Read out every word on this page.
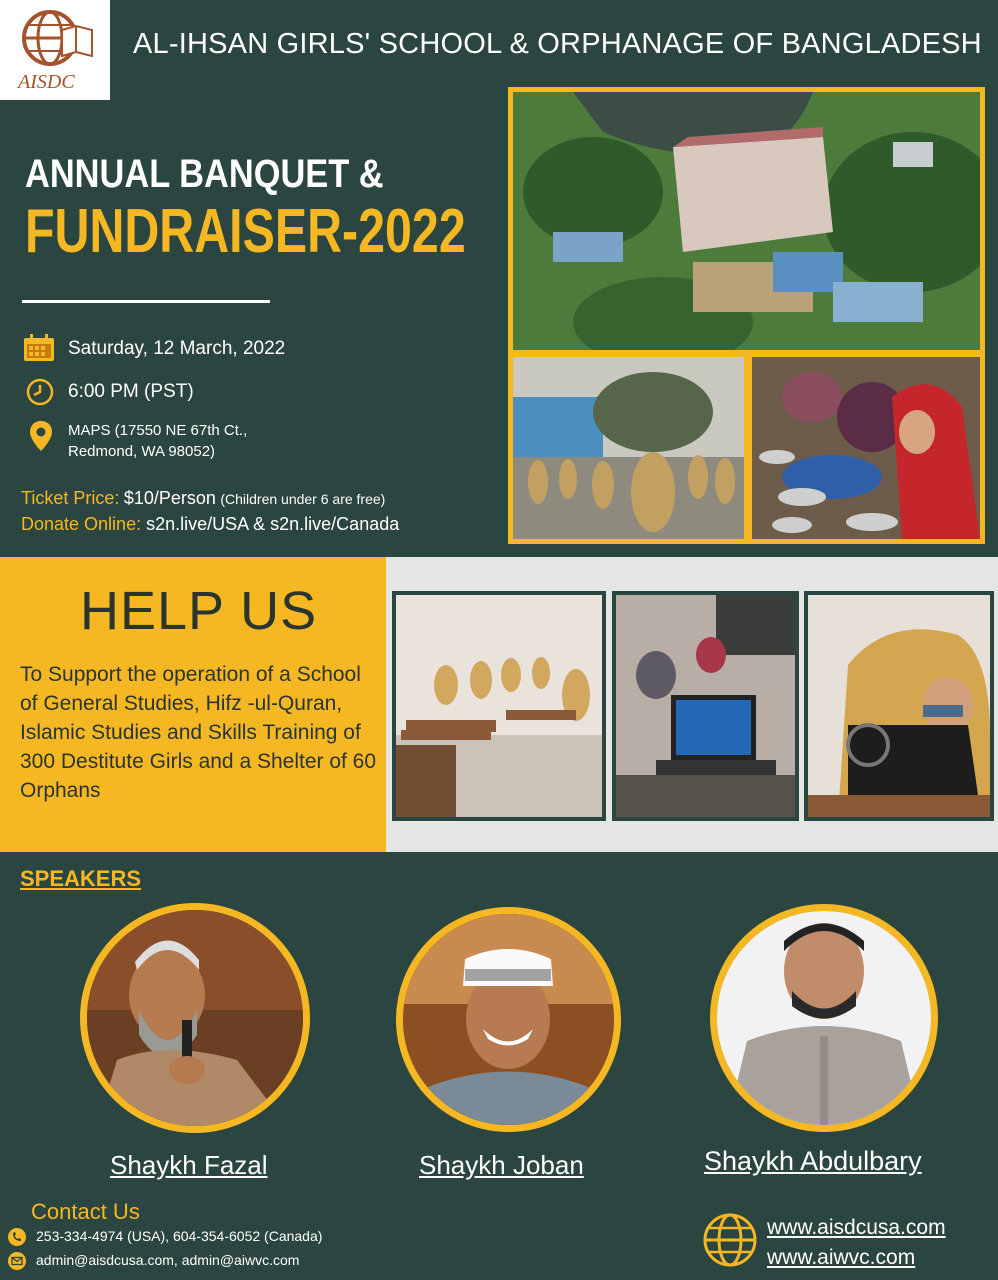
AISDC
AL-IHSAN GIRLS' SCHOOL & ORPHANAGE OF BANGLADESH
ANNUAL BANQUET &
FUNDRAISER-2022
Saturday, 12 March, 2022
6:00 PM (PST)
MAPS (17550 NE 67th Ct.,
Redmond, WA 98052)
Ticket Price: $10/Person (Children under 6 are free)
Donate Online: s2n.live/USA & s2n.live/Canada
HELP US
To Support the operation of a School of General Studies, Hifz -ul-Quran, Islamic Studies and Skills Training of 300 Destitute Girls and a Shelter of 60 Orphans
SPEAKERS
Shaykh Fazal	Shaykh Joban	Shaykh Abdulbary
Contact Us
253-334-4974 (USA), 604-354-6052 (Canada)
admin@aisdcusa.com, admin@aiwvc.com
www.aisdcusa.com
www.aiwvc.com
